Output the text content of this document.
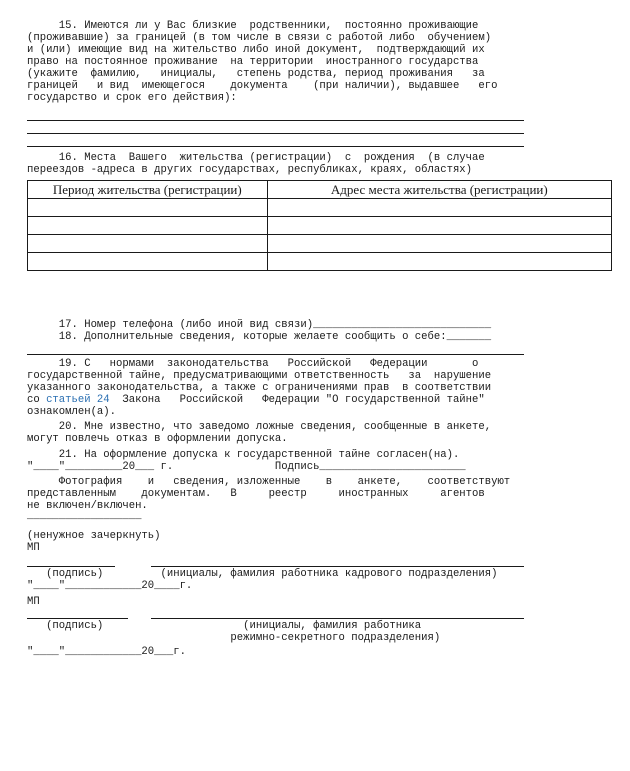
15. Имеются ли у Вас близкие  родственники,  постоянно проживающие
(проживавшие) за границей (в том числе в связи с работой либо  обучением)
и (или) имеющие вид на жительство либо иной документ,  подтверждающий их
право на постоянное проживание  на территории  иностранного государства
(укажите  фамилию,   инициалы,   степень родства, период проживания   за
границей   и вид  имеющегося    документа    (при наличии), выдавшее   его
государство и срок его действия):
16. Места  Вашего  жительства (регистрации)  с  рождения  (в случае
переездов -адреса в других государствах, республиках, краях, областях)
Период жительства (регистрации)	Адрес места жительства (регистрации)

17. Номер телефона (либо иной вид связи)____________________________
18. Дополнительные сведения, которые желаете сообщить о себе:_______
19. С   нормами  законодательства   Российской   Федерации       о
государственной тайне, предусматривающими ответственность   за  нарушение
указанного законодательства, а также с ограничениями прав  в соответствии
со статьей 24  Закона   Российской   Федерации "О государственной тайне"
ознакомлен(а).
20. Мне известно, что заведомо ложные сведения, сообщенные в анкете,
могут повлечь отказ в оформлении допуска.
21. На оформление допуска к государственной тайне согласен(на).
"____"_________20___ г.                Подпись_______________________
Фотография    и   сведения, изложенные    в    анкете,    соответствуют
представленным    документам.   В     реестр     иностранных     агентов
не включен/включен.
__________________
(ненужное зачеркнуть)
МП
(подпись)         (инициалы, фамилия работника кадрового подразделения)
"____"____________20____г.
МП
(подпись)                      (инициалы, фамилия работника
режимно-секретного подразделения)
"____"____________20___г.
